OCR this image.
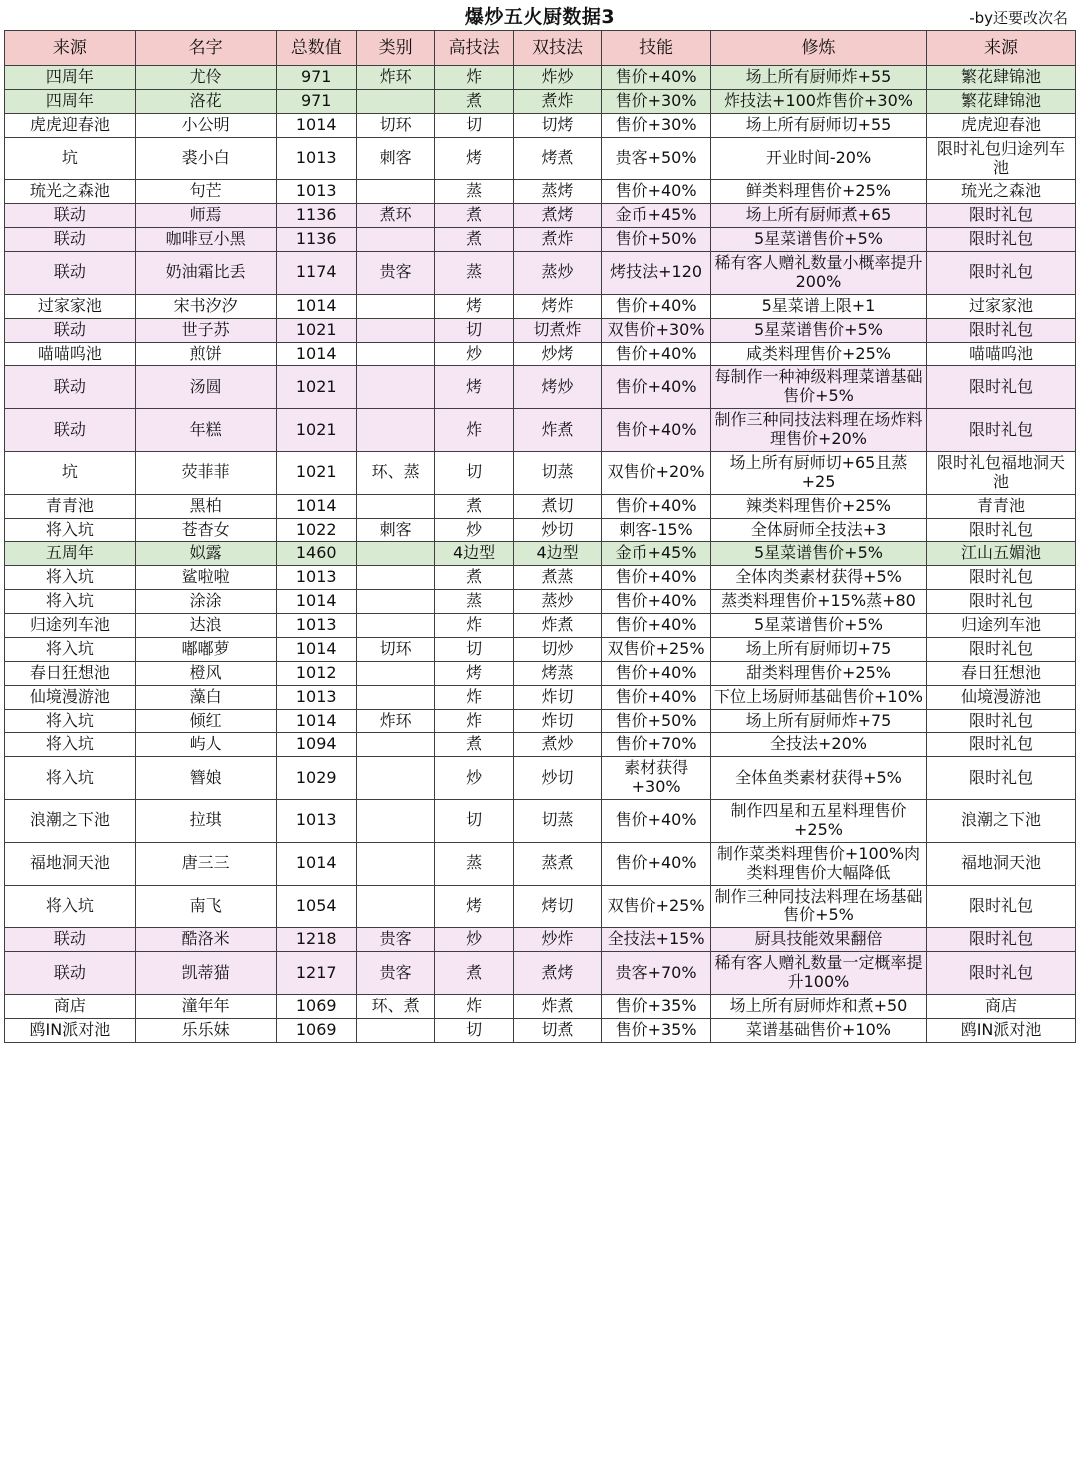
爆炒五火厨数据3	-by还要改次名
来源	名字	总数值	类别	高技法	双技法	技能	修炼	来源
四周年	尤伶	971	炸环	炸	炸炒	售价+40%	场上所有厨师炸+55	繁花肆锦池
四周年	洛花	971		煮	煮炸	售价+30%	炸技法+100炸售价+30%	繁花肆锦池
虎虎迎春池	小公明	1014	切环	切	切烤	售价+30%	场上所有厨师切+55	虎虎迎春池
坑	裘小白	1013	刺客	烤	烤煮	贵客+50%	开业时间-20%	限时礼包归途列车池
琉光之森池	句芒	1013		蒸	蒸烤	售价+40%	鲜类料理售价+25%	琉光之森池
联动	师焉	1136	煮环	煮	煮烤	金币+45%	场上所有厨师煮+65	限时礼包
联动	咖啡豆小黑	1136		煮	煮炸	售价+50%	5星菜谱售价+5%	限时礼包
联动	奶油霜比丢	1174	贵客	蒸	蒸炒	烤技法+120	稀有客人赠礼数量小概率提升200%	限时礼包
过家家池	宋书汐汐	1014		烤	烤炸	售价+40%	5星菜谱上限+1	过家家池
联动	世子苏	1021		切	切煮炸	双售价+30%	5星菜谱售价+5%	限时礼包
喵喵呜池	煎饼	1014		炒	炒烤	售价+40%	咸类料理售价+25%	喵喵呜池
联动	汤圆	1021		烤	烤炒	售价+40%	每制作一种神级料理菜谱基础售价+5%	限时礼包
联动	年糕	1021		炸	炸煮	售价+40%	制作三种同技法料理在场炸料理售价+20%	限时礼包
坑	荧菲菲	1021	环、蒸	切	切蒸	双售价+20%	场上所有厨师切+65且蒸+25	限时礼包福地洞天池
青青池	黑柏	1014		煮	煮切	售价+40%	辣类料理售价+25%	青青池
将入坑	苍杳女	1022	刺客	炒	炒切	刺客-15%	全体厨师全技法+3	限时礼包
五周年	姒露	1460		4边型	4边型	金币+45%	5星菜谱售价+5%	江山五媚池
将入坑	鲨啦啦	1013		煮	煮蒸	售价+40%	全体肉类素材获得+5%	限时礼包
将入坑	涂涂	1014		蒸	蒸炒	售价+40%	蒸类料理售价+15%蒸+80	限时礼包
归途列车池	达浪	1013		炸	炸煮	售价+40%	5星菜谱售价+5%	归途列车池
将入坑	嘟嘟萝	1014	切环	切	切炒	双售价+25%	场上所有厨师切+75	限时礼包
春日狂想池	橙风	1012		烤	烤蒸	售价+40%	甜类料理售价+25%	春日狂想池
仙境漫游池	藻白	1013		炸	炸切	售价+40%	下位上场厨师基础售价+10%	仙境漫游池
将入坑	倾红	1014	炸环	炸	炸切	售价+50%	场上所有厨师炸+75	限时礼包
将入坑	屿人	1094		煮	煮炒	售价+70%	全技法+20%	限时礼包
将入坑	簪娘	1029		炒	炒切	素材获得+30%	全体鱼类素材获得+5%	限时礼包
浪潮之下池	拉琪	1013		切	切蒸	售价+40%	制作四星和五星料理售价+25%	浪潮之下池
福地洞天池	唐三三	1014		蒸	蒸煮	售价+40%	制作菜类料理售价+100%肉类料理售价大幅降低	福地洞天池
将入坑	南飞	1054		烤	烤切	双售价+25%	制作三种同技法料理在场基础售价+5%	限时礼包
联动	酷洛米	1218	贵客	炒	炒炸	全技法+15%	厨具技能效果翻倍	限时礼包
联动	凯蒂猫	1217	贵客	煮	煮烤	贵客+70%	稀有客人赠礼数量一定概率提升100%	限时礼包
商店	潼年年	1069	环、煮	炸	炸煮	售价+35%	场上所有厨师炸和煮+50	商店
鸥IN派对池	乐乐妹	1069		切	切煮	售价+35%	菜谱基础售价+10%	鸥IN派对池
